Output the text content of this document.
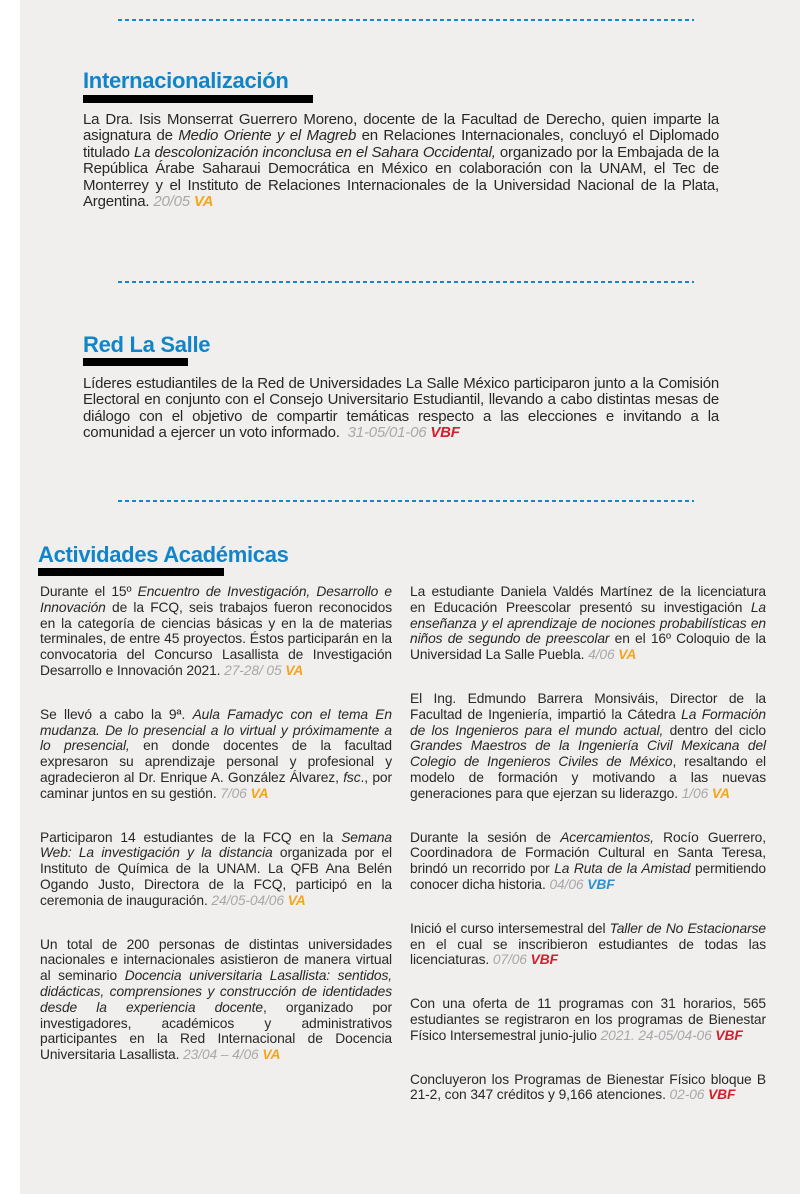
Internacionalización

La Dra. Isis Monserrat Guerrero Moreno, docente de la Facultad de Derecho, quien imparte la asignatura de Medio Oriente y el Magreb en Relaciones Internacionales, concluyó el Diplomado titulado La descolonización inconclusa en el Sahara Occidental, organizado por la Embajada de la República Árabe Saharaui Democrática en México en colaboración con la UNAM, el Tec de Monterrey y el Instituto de Relaciones Internacionales de la Universidad Nacional de la Plata, Argentina. 20/05 VA

Red La Salle

Líderes estudiantiles de la Red de Universidades La Salle México participaron junto a la Comisión Electoral en conjunto con el Consejo Universitario Estudiantil, llevando a cabo distintas mesas de diálogo con el objetivo de compartir temáticas respecto a las elecciones e invitando a la comunidad a ejercer un voto informado.  31-05/01-06 VBF

Actividades Académicas

Durante el 15º Encuentro de Investigación, Desarrollo e Innovación de la FCQ, seis trabajos fueron reconocidos en la categoría de ciencias básicas y en la de materias terminales, de entre 45 proyectos. Éstos participarán en la convocatoria del Concurso Lasallista de Investigación Desarrollo e Innovación 2021. 27-28/ 05 VA

Se llevó a cabo la 9ª. Aula Famadyc con el tema En mudanza. De lo presencial a lo virtual y próximamente a lo presencial, en donde docentes de la facultad expresaron su aprendizaje personal y profesional y agradecieron al Dr. Enrique A. González Álvarez, fsc., por caminar juntos en su gestión. 7/06 VA

Participaron 14 estudiantes de la FCQ en la Semana Web: La investigación y la distancia organizada por el Instituto de Química de la UNAM. La QFB Ana Belén Ogando Justo, Directora de la FCQ, participó en la ceremonia de inauguración. 24/05-04/06 VA

Un total de 200 personas de distintas universidades nacionales e internacionales asistieron de manera virtual al seminario Docencia universitaria Lasallista: sentidos, didácticas, comprensiones y construcción de identidades desde la experiencia docente, organizado por investigadores, académicos y administrativos participantes en la Red Internacional de Docencia Universitaria Lasallista. 23/04 – 4/06 VA

La estudiante Daniela Valdés Martínez de la licenciatura en Educación Preescolar presentó su investigación La enseñanza y el aprendizaje de nociones probabilísticas en niños de segundo de preescolar en el 16º Coloquio de la Universidad La Salle Puebla. 4/06 VA

El Ing. Edmundo Barrera Monsiváis, Director de la Facultad de Ingeniería, impartió la Cátedra La Formación de los Ingenieros para el mundo actual, dentro del ciclo Grandes Maestros de la Ingeniería Civil Mexicana del Colegio de Ingenieros Civiles de México, resaltando el modelo de formación y motivando a las nuevas generaciones para que ejerzan su liderazgo. 1/06 VA

Durante la sesión de Acercamientos, Rocío Guerrero, Coordinadora de Formación Cultural en Santa Teresa, brindó un recorrido por La Ruta de la Amistad permitiendo conocer dicha historia. 04/06 VBF

Inició el curso intersemestral del Taller de No Estacionarse en el cual se inscribieron estudiantes de todas las licenciaturas. 07/06 VBF

Con una oferta de 11 programas con 31 horarios, 565 estudiantes se registraron en los programas de Bienestar Físico Intersemestral junio-julio 2021. 24-05/04-06 VBF

Concluyeron los Programas de Bienestar Físico bloque B 21-2, con 347 créditos y 9,166 atenciones. 02-06 VBF
